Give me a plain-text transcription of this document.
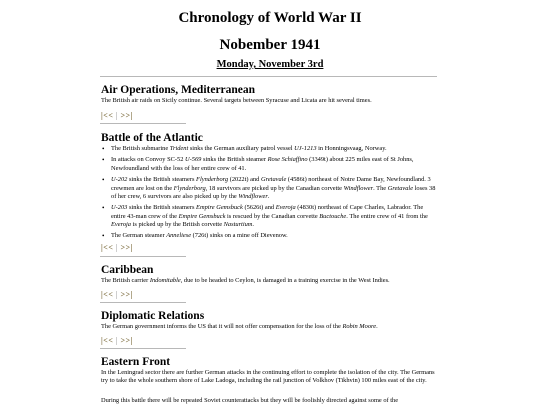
Chronology of World War II
Nobember 1941
Monday, November 3rd
Air Operations, Mediterranean

The British air raids on Sicily continue. Several targets between Syracuse and Licata are hit several times.

|<< | >>|
Battle of the Atlantic
• The British submarine Trident sinks the German auxiliary patrol vessel UJ-1213 in Honningsvaag, Norway.
• In attacks on Convoy SC-52 U-569 sinks the British steamer Rose Schiaffino (3349t) about 225 miles east of St Johns, Newfoundland with the loss of her entire crew of 41.
• U-202 sinks the British steamers Flynderborg (2022t) and Gretavale (4586t) northeast of Notre Dame Bay, Newfoundland. 3 crewmen are lost on the Flynderborg, 18 survivors are picked up by the Canadian corvette Windflower. The Gretavale loses 38 of her crew, 6 survivors are also picked up by the Windflower.
• U-203 sinks the British steamers Empire Gemsbuck (5626t) and Everoja (4830t) northeast of Cape Charles, Labrador. The entire 43-man crew of the Empire Gemsbuck is rescued by the Canadian corvette Buctouche. The entire crew of 41 from the Everoja is picked up by the British corvette Nasturtium.
• The German steamer Anneliese (726t) sinks on a mine off Dievenow.
|<< | >>|
Caribbean

The British carrier Indomitable, due to be headed to Ceylon, is damaged in a training exercise in the West Indies.

|<< | >>|
Diplomatic Relations

The German government informs the US that it will not offer compensation for the loss of the Robin Moore.

|<< | >>|
Eastern Front

In the Leningrad sector there are further German attacks in the continuing effort to complete the isolation of the city. The Germans try to take the whole southern shore of Lake Ladoga, including the rail junction of Volkhov (Tikhvin) 100 miles east of the city.

During this battle there will be repeated Soviet counterattacks but they will be foolishly directed against some of the
